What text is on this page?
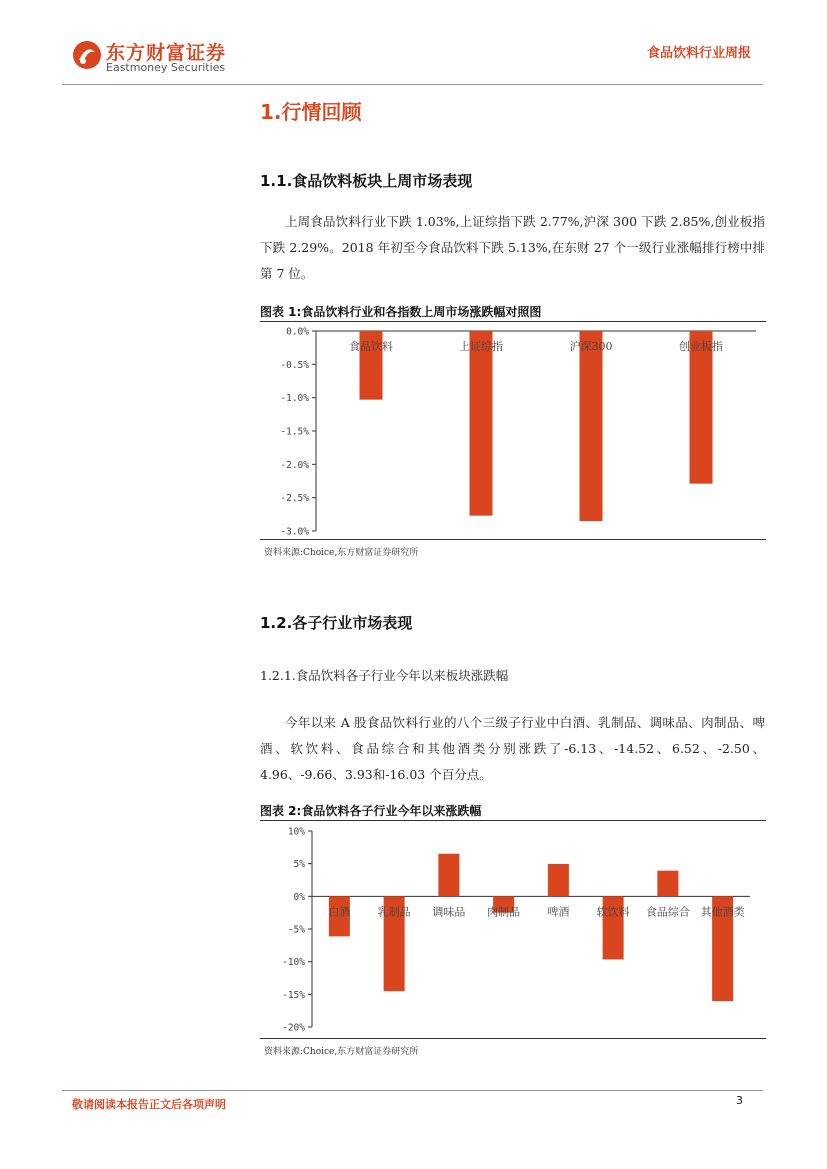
东方财富证券
Eastmoney Securities
食品饮料行业周报
1.行情回顾
1.1.食品饮料板块上周市场表现
上周食品饮料行业下跌 1.03%,上证综指下跌 2.77%,沪深 300 下跌 2.85%,创业板指下跌 2.29%。2018 年初至今食品饮料下跌 5.13%,在东财 27 个一级行业涨幅排行榜中排第 7 位。
图表 1:食品饮料行业和各指数上周市场涨跌幅对照图
0.0%
-0.5%
-1.0%
-1.5%
-2.0%
-2.5%
-3.0%
食品饮料	上证综指	沪深300	创业板指
资料来源:Choice,东方财富证券研究所
1.2.各子行业市场表现
1.2.1.食品饮料各子行业今年以来板块涨跌幅
今年以来 A 股食品饮料行业的八个三级子行业中白酒、乳制品、调味品、肉制品、啤酒、软饮料、食品综合和其他酒类分别涨跌了-6.13、-14.52、6.52、-2.50、4.96、-9.66、3.93和-16.03 个百分点。
图表 2:食品饮料各子行业今年以来涨跌幅
10%
5%
0%
-5%
-10%
-15%
-20%
白酒 乳制品 调味品 肉制品 啤酒 软饮料 食品综合 其他酒类
资料来源:Choice,东方财富证券研究所
敬请阅读本报告正文后各项声明	3
